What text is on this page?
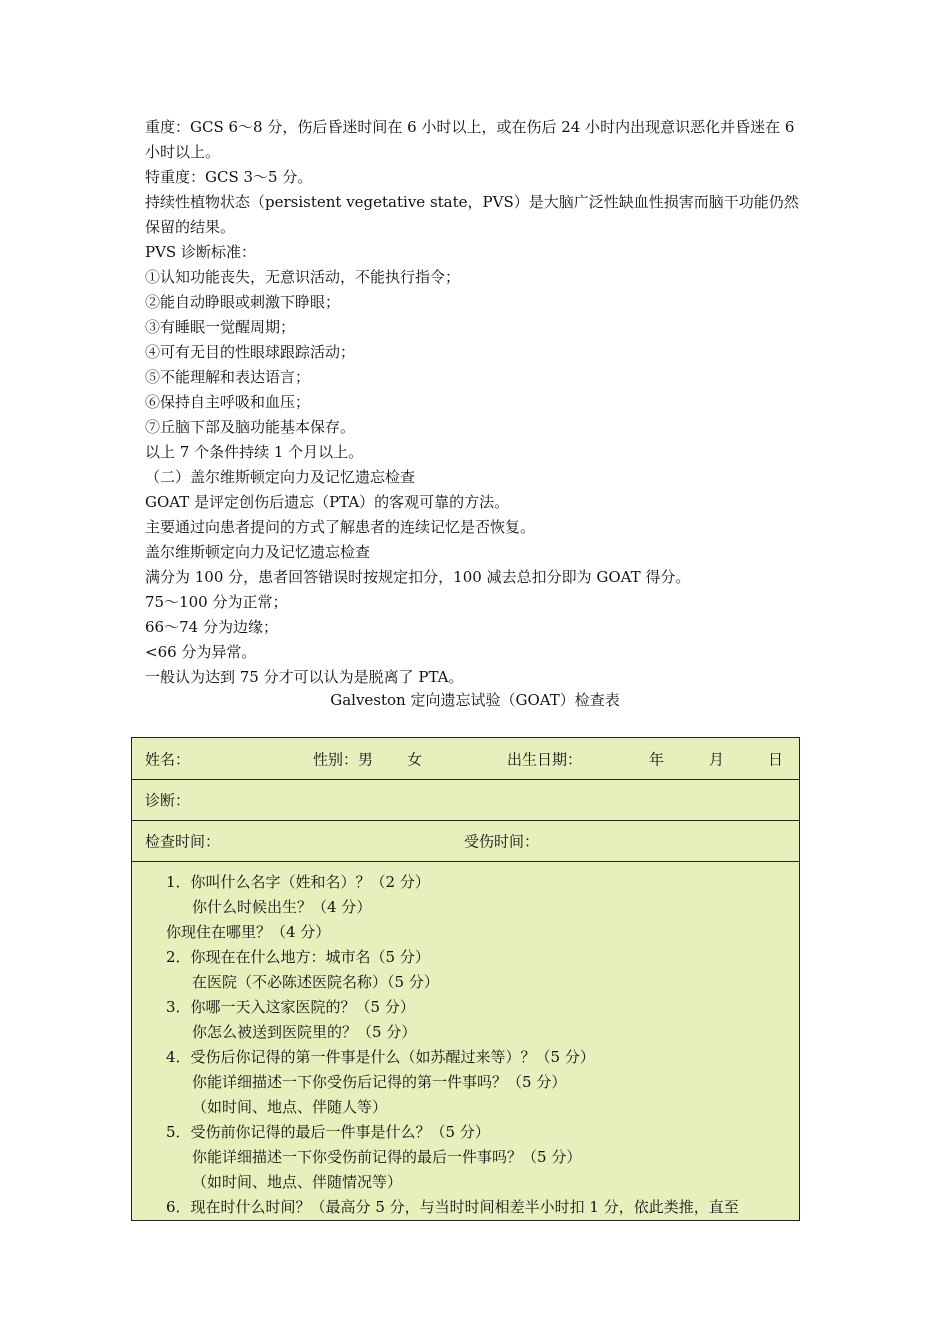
重度：GCS 6～8 分，伤后昏迷时间在 6 小时以上，或在伤后 24 小时内出现意识恶化并昏迷在 6 小时以上。

特重度：GCS 3～5 分。

持续性植物状态（persistent vegetative state，PVS）是大脑广泛性缺血性损害而脑干功能仍然保留的结果。

PVS 诊断标准：

①认知功能丧失，无意识活动，不能执行指令；

②能自动睁眼或刺激下睁眼；

③有睡眠一觉醒周期；

④可有无目的性眼球跟踪活动；

⑤不能理解和表达语言；

⑥保持自主呼吸和血压；

⑦丘脑下部及脑功能基本保存。

以上 7 个条件持续 1 个月以上。

（二）盖尔维斯顿定向力及记忆遗忘检查

GOAT 是评定创伤后遗忘（PTA）的客观可靠的方法。

主要通过向患者提问的方式了解患者的连续记忆是否恢复。

盖尔维斯顿定向力及记忆遗忘检查

满分为 100 分，患者回答错误时按规定扣分，100 减去总扣分即为 GOAT 得分。

75～100 分为正常；

66～74 分为边缘；

<66 分为异常。

一般认为达到 75 分才可以认为是脱离了 PTA。

Galveston 定向遗忘试验（GOAT）检查表
姓名：	性别：男 女	出生日期：	年	月	日
诊断：
检查时间：	受伤时间：
1．你叫什么名字（姓和名）？（2 分）
你什么时候出生？（4 分）
你现住在哪里？（4 分）
2．你现在在什么地方：城市名（5 分）
在医院（不必陈述医院名称）（5 分）
3．你哪一天入这家医院的？（5 分）
你怎么被送到医院里的？（5 分）
4．受伤后你记得的第一件事是什么（如苏醒过来等）？（5 分）
你能详细描述一下你受伤后记得的第一件事吗？（5 分）
（如时间、地点、伴随人等）
5．受伤前你记得的最后一件事是什么？（5 分）
你能详细描述一下你受伤前记得的最后一件事吗？（5 分）
（如时间、地点、伴随情况等）
6．现在时什么时间？（最高分 5 分，与当时时间相差半小时扣 1 分，依此类推，直至
